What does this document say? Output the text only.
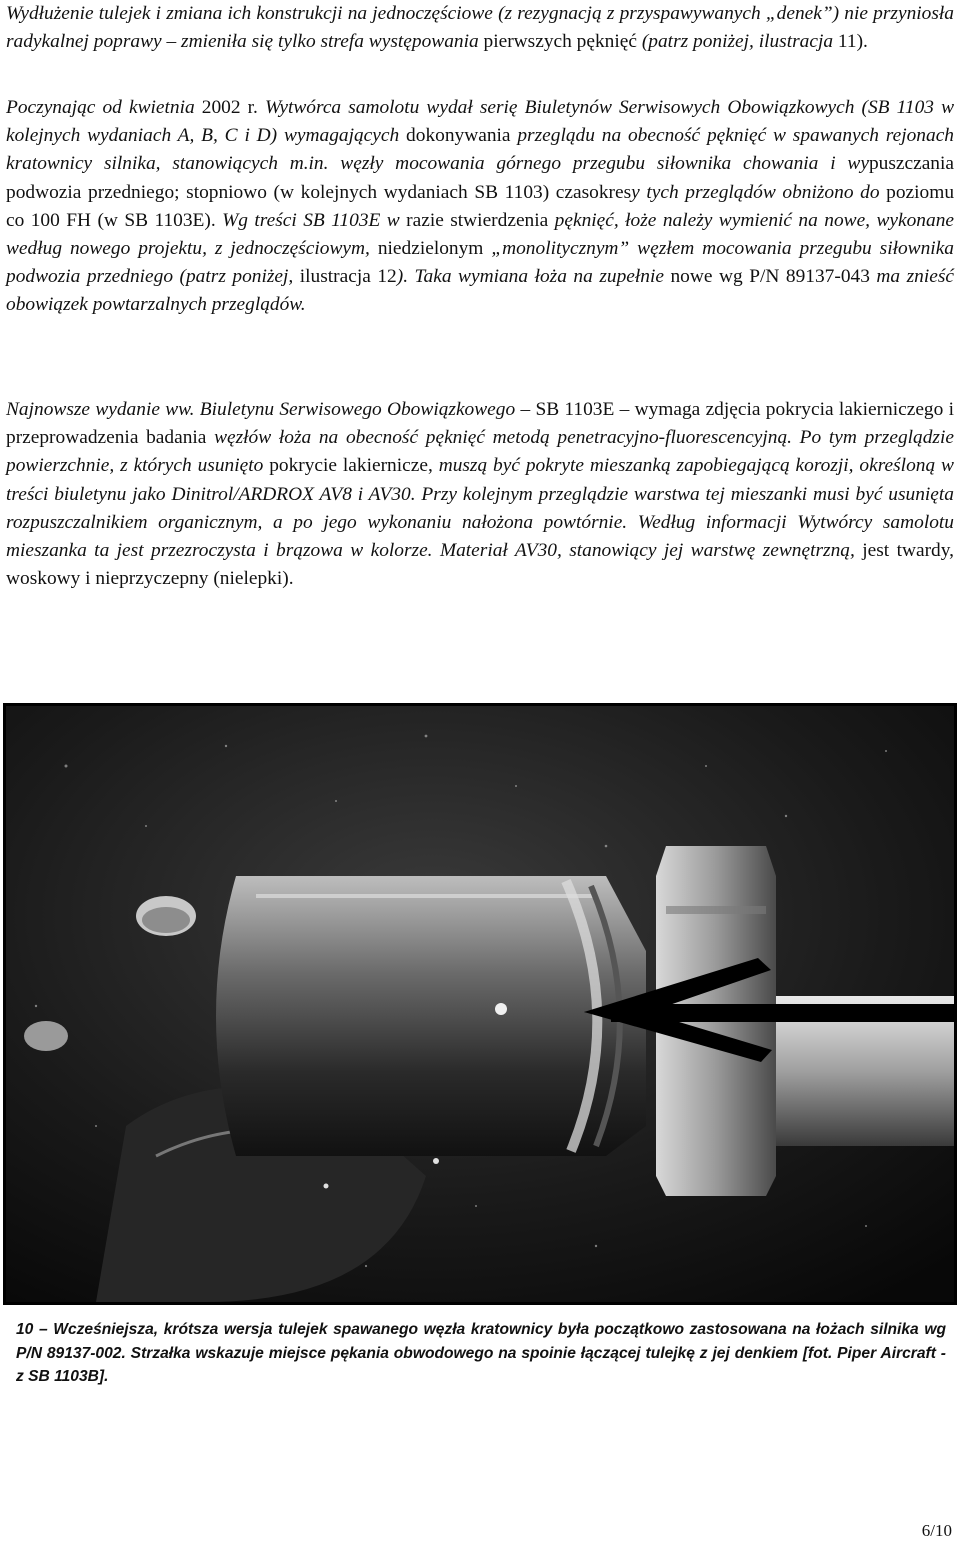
Wydłużenie tulejek i zmiana ich konstrukcji na jednoczęściowe (z rezygnacją z przyspawywanych „denek”) nie przyniosła radykalnej poprawy – zmieniła się tylko strefa występowania pierwszych pęknięć (patrz poniżej, ilustracja 11).

Poczynając od kwietnia 2002 r. Wytwórca samolotu wydał serię Biuletynów Serwisowych Obowiązkowych (SB 1103 w kolejnych wydaniach A, B, C i D) wymagających dokonywania przeglądu na obecność pęknięć w spawanych rejonach kratownicy silnika, stanowiących m.in. węzły mocowania górnego przegubu siłownika chowania i wypuszczania podwozia przedniego; stopniowo (w kolejnych wydaniach SB 1103) czasokresy tych przeglądów obniżono do poziomu co 100 FH (w SB 1103E). Wg treści SB 1103E w razie stwierdzenia pęknięć, łoże należy wymienić na nowe, wykonane według nowego projektu, z jednoczęściowym, niedzielonym „monolitycznym” węzłem mocowania przegubu siłownika podwozia przedniego (patrz poniżej, ilustracja 12). Taka wymiana łoża na zupełnie nowe wg P/N 89137-043 ma znieść obowiązek powtarzalnych przeglądów.

Najnowsze wydanie ww. Biuletynu Serwisowego Obowiązkowego – SB 1103E – wymaga zdjęcia pokrycia lakierniczego i przeprowadzenia badania węzłów łoża na obecność pęknięć metodą penetracyjno-fluorescencyjną. Po tym przeglądzie powierzchnie, z których usunięto pokrycie lakiernicze, muszą być pokryte mieszanką zapobiegającą korozji, określoną w treści biuletynu jako Dinitrol/ARDROX AV8 i AV30. Przy kolejnym przeglądzie warstwa tej mieszanki musi być usunięta rozpuszczalnikiem organicznym, a po jego wykonaniu nałożona powtórnie. Według informacji Wytwórcy samolotu mieszanka ta jest przezroczysta i brązowa w kolorze. Materiał AV30, stanowiący jej warstwę zewnętrzną, jest twardy, woskowy i nieprzyczepny (nielepki).

10 – Wcześniejsza, krótsza wersja tulejek spawanego węzła kratownicy była początkowo zastosowana na łożach silnika wg P/N 89137-002. Strzałka wskazuje miejsce pękania obwodowego na spoinie łączącej tulejkę z jej denkiem [fot. Piper Aircraft - z SB 1103B].

6/10
